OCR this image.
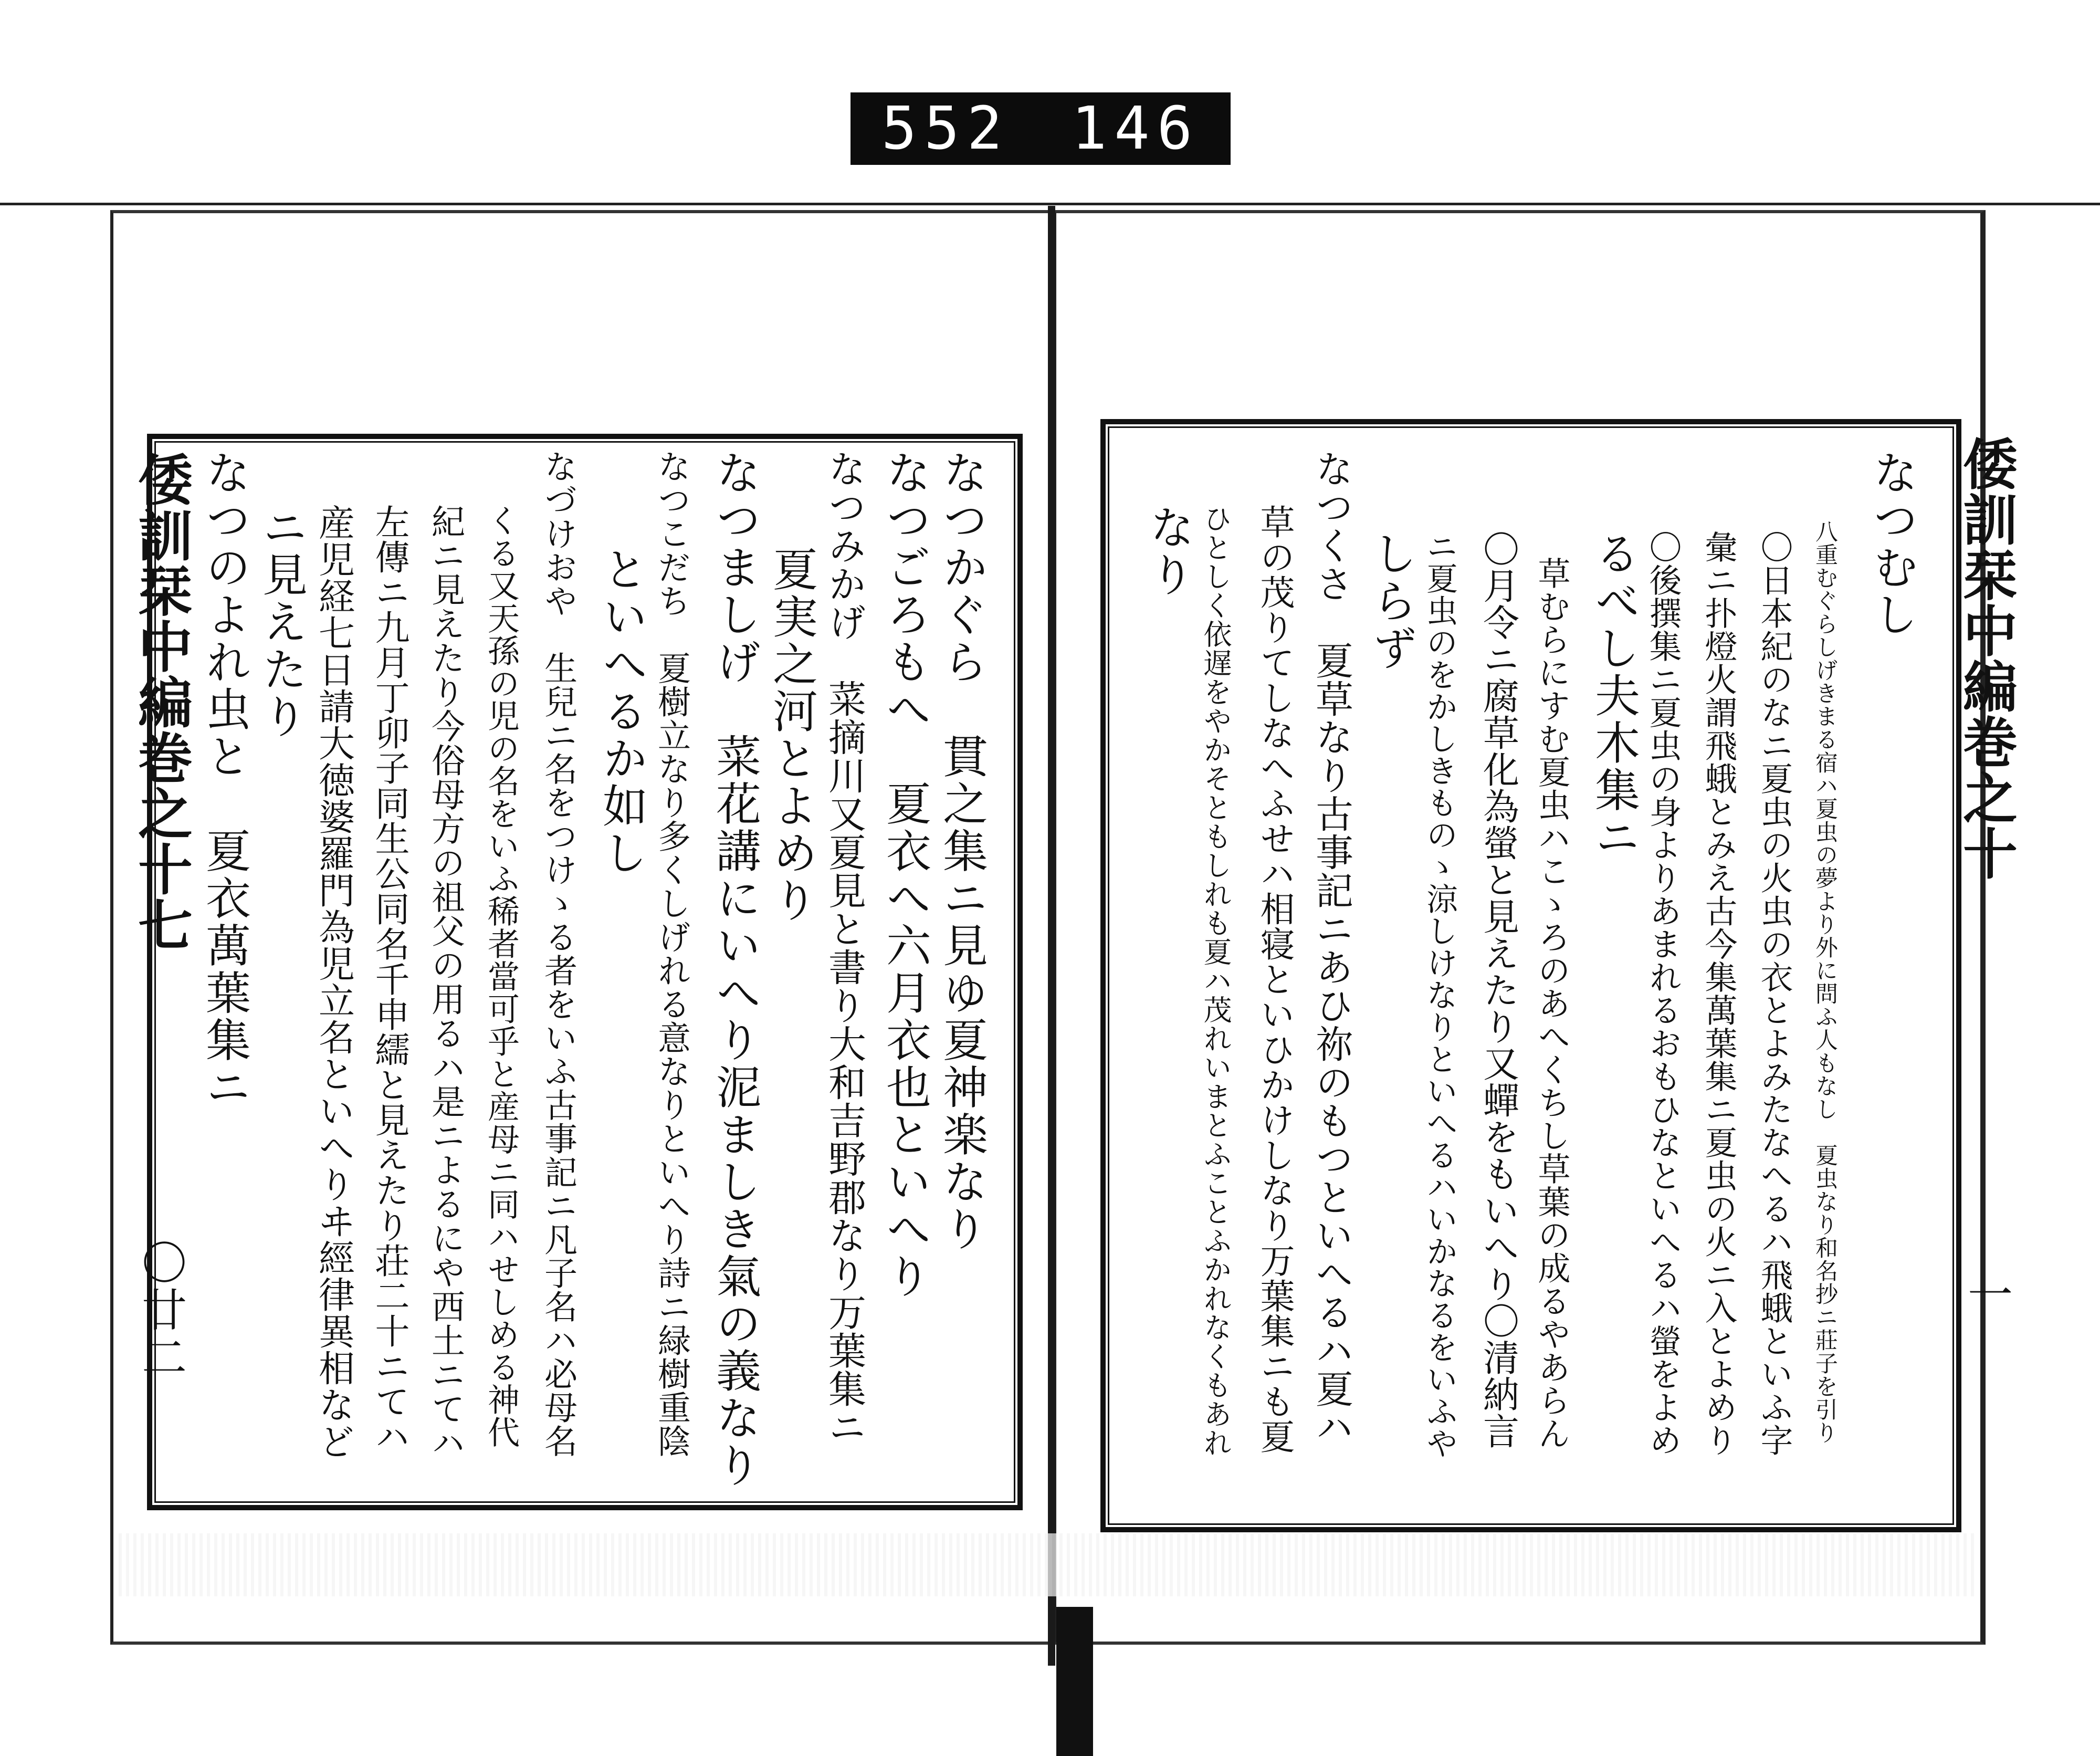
552 146
倭訓栞中編巻之十七
〇廿二
なつかぐら　貫之集ニ見ゆ夏神楽なり
なつごろもへ　夏衣へ六月衣也といへり
なつみかげ　菜摘川又夏見と書り大和吉野郡なり万葉集ニ
夏実之河とよめり
なつましげ　菜花講にいへり泥ましき氣の義なり
なつこだち　夏樹立なり多くしげれる意なりといへり詩ニ緑樹重陰
といへるか如し
なづけおや　生兒ニ名をつけゝる者をいふ古事記ニ凡子名ハ必母名
くる又天孫の児の名をいふ稀者當可乎と産母ニ同ハせしめる神代
紀ニ見えたり今俗母方の祖父の用るハ是ニよるにや西土ニてハ
左傳ニ九月丁卯子同生公同名千申繻と見えたり荘二十ニてハ
産児経七日請大徳婆羅門為児立名といへりヰ經律異相など
ニ見えたり
なつのよれ虫と　夏衣萬葉集ニ	倭訓栞中編巻之十
一
なつむし
八重むぐらしげきまる宿ハ夏虫の夢より外に問ふ人もなし　夏虫なり和名抄ニ莊子を引り
〇日本紀のなニ夏虫の火虫の衣とよみたなへるハ飛蛾といふ字
彙ニ扑燈火謂飛蛾とみえ古今集萬葉集ニ夏虫の火ニ入とよめり
〇後撰集ニ夏虫の身よりあまれるおもひなといへるハ螢をよめ
るべし夫木集ニ
草むらにすむ夏虫ハこゝろのあへくちし草葉の成るやあらん
〇月令ニ腐草化為螢と見えたり又蟬をもいへり〇清納言
ニ夏虫のをかしきものゝ涼しけなりといへるハいかなるをいふや
しらず
なつくさ　夏草なり古事記ニあひ祢のもつといへるハ夏ハ
草の茂りてしなへふせハ相寝といひかけしなり万葉集ニも夏
ひとしく依遅をやかそともしれも夏ハ茂れいまとふことふかれなくもあれ
なり
